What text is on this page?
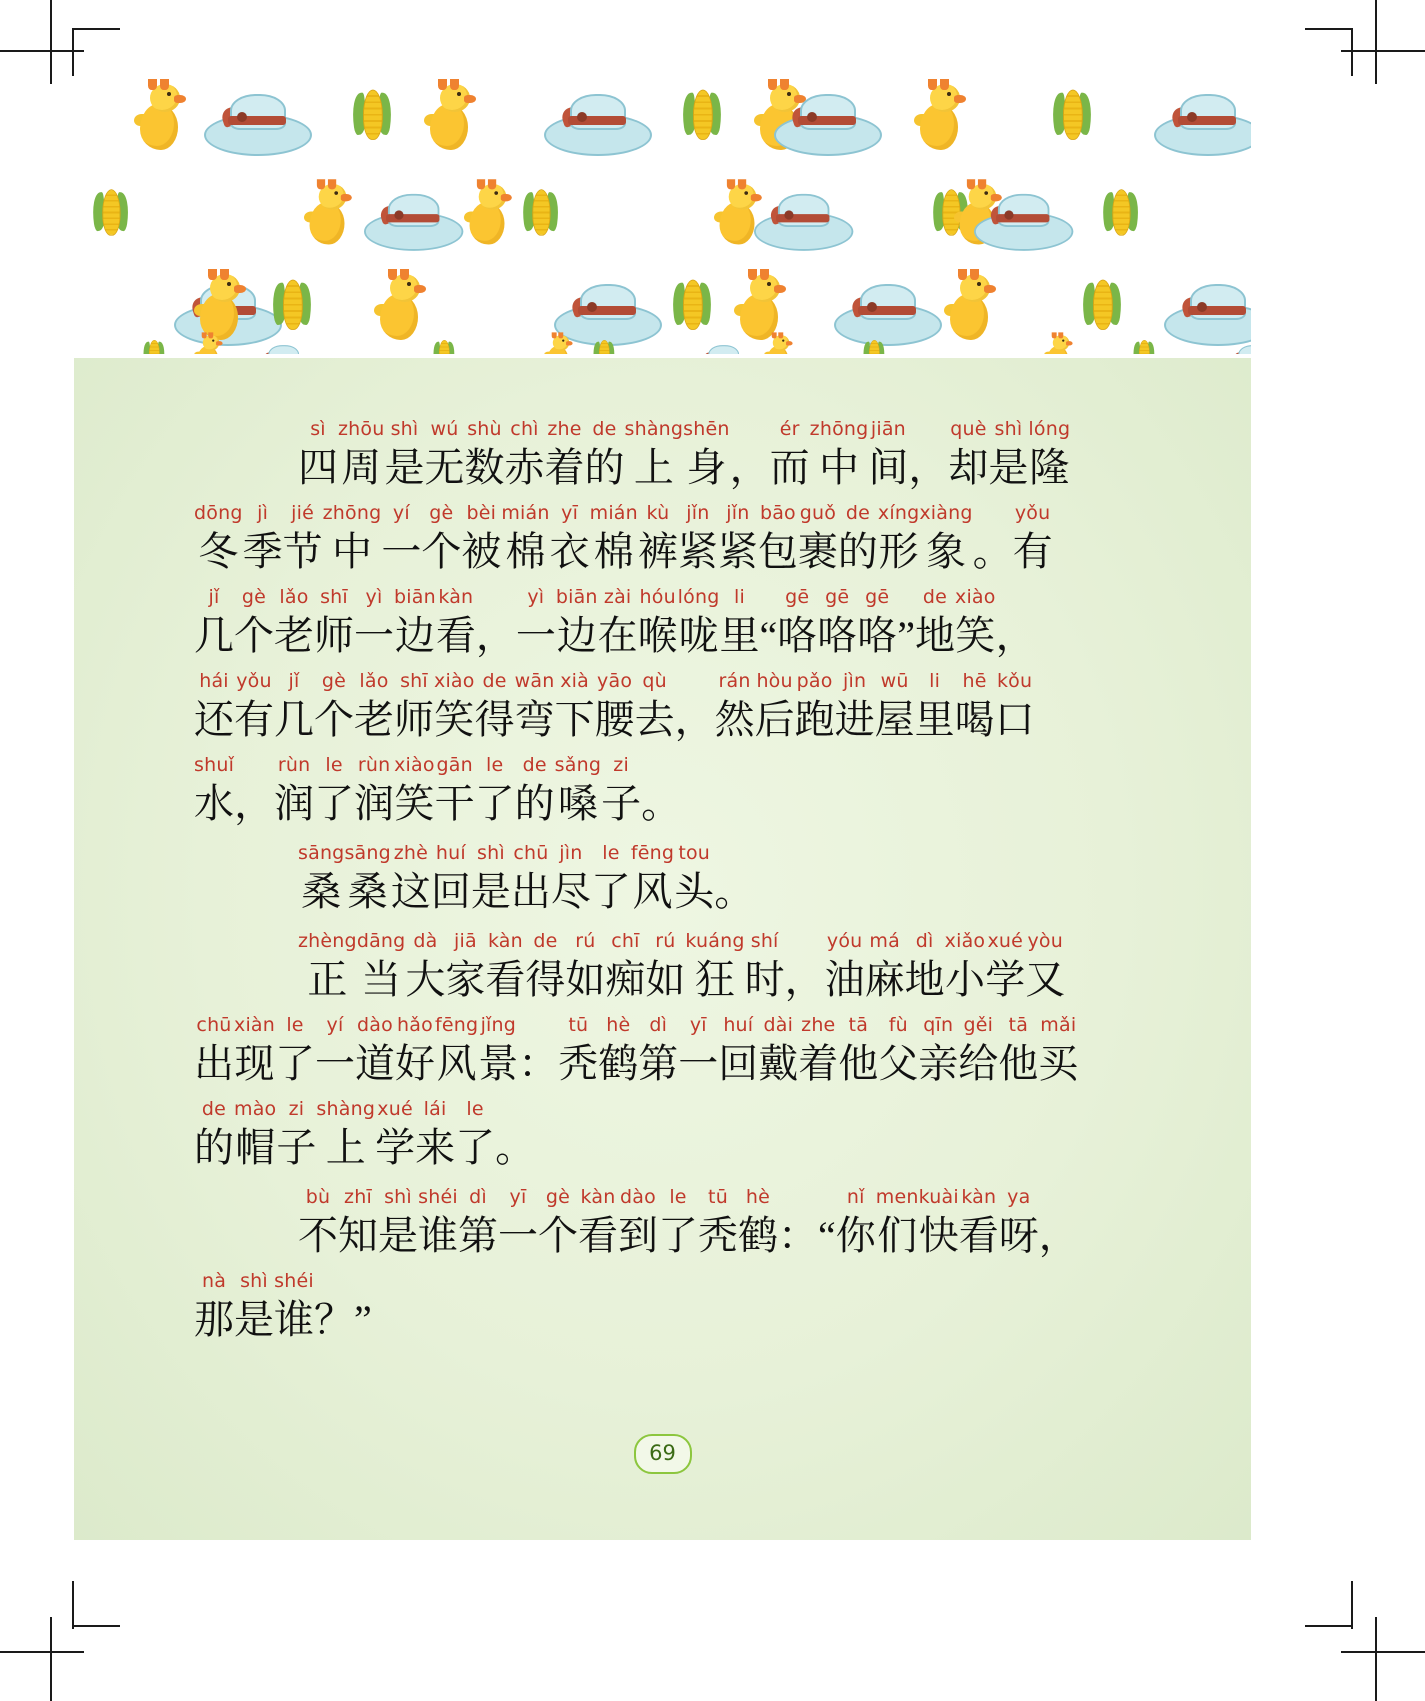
sì
四
zhōu
周
shì
是
wú
无
shù
数
chì
赤
zhe
着
de
的
shàng
上
shēn
身 ，
ér
而
zhōng
中
jiān
间 ，
què
却
shì
是
lóng
隆
dōng
冬
jì
季
jié
节
zhōng
中
yí
一
gè
个
bèi
被
mián
棉
yī
衣
mián
棉
kù
裤
jǐn
紧
jǐn
紧
bāo
包
guǒ
裹
de
的
xíng
形
xiàng
象 。
yǒu
有
jǐ
几
gè
个
lǎo
老
shī
师
yì
一
biān
边
kàn
看 ，
yì
一
biān
边
zài
在
hóu
喉
lóng
咙
li
里 “
gē
咯
gē
咯
gē
咯 ”
de
地
xiào
笑 ，
hái
还
yǒu
有
jǐ
几
gè
个
lǎo
老
shī
师
xiào
笑
de
得
wān
弯
xià
下
yāo
腰
qù
去 ，
rán
然
hòu
后
pǎo
跑
jìn
进
wū
屋
li
里
hē
喝
kǒu
口
shuǐ
水 ，
rùn
润
le
了
rùn
润
xiào
笑
gān
干
le
了
de
的
sǎng
嗓
zi
子 。
sāng
桑
sāng
桑
zhè
这
huí
回
shì
是
chū
出
jìn
尽
le
了
fēng
风
tou
头 。
zhèng
正
dāng
当
dà
大
jiā
家
kàn
看
de
得
rú
如
chī
痴
rú
如
kuáng
狂
shí
时 ，
yóu
油
má
麻
dì
地
xiǎo
小
xué
学
yòu
又
chū
出
xiàn
现
le
了
yí
一
dào
道
hǎo
好
fēng
风
jǐng
景 ：
tū
秃
hè
鹤
dì
第
yī
一
huí
回
dài
戴
zhe
着
tā
他
fù
父
qīn
亲
gěi
给
tā
他
mǎi
买
de
的
mào
帽
zi
子
shàng
上
xué
学
lái
来
le
了 。
bù
不
zhī
知
shì
是
shéi
谁
dì
第
yī
一
gè
个
kàn
看
dào
到
le
了
tū
秃
hè
鹤 ： “
nǐ
你
men
们
kuài
快
kàn
看
ya
呀 ，
nà
那
shì
是
shéi
谁 ？ ”
69
